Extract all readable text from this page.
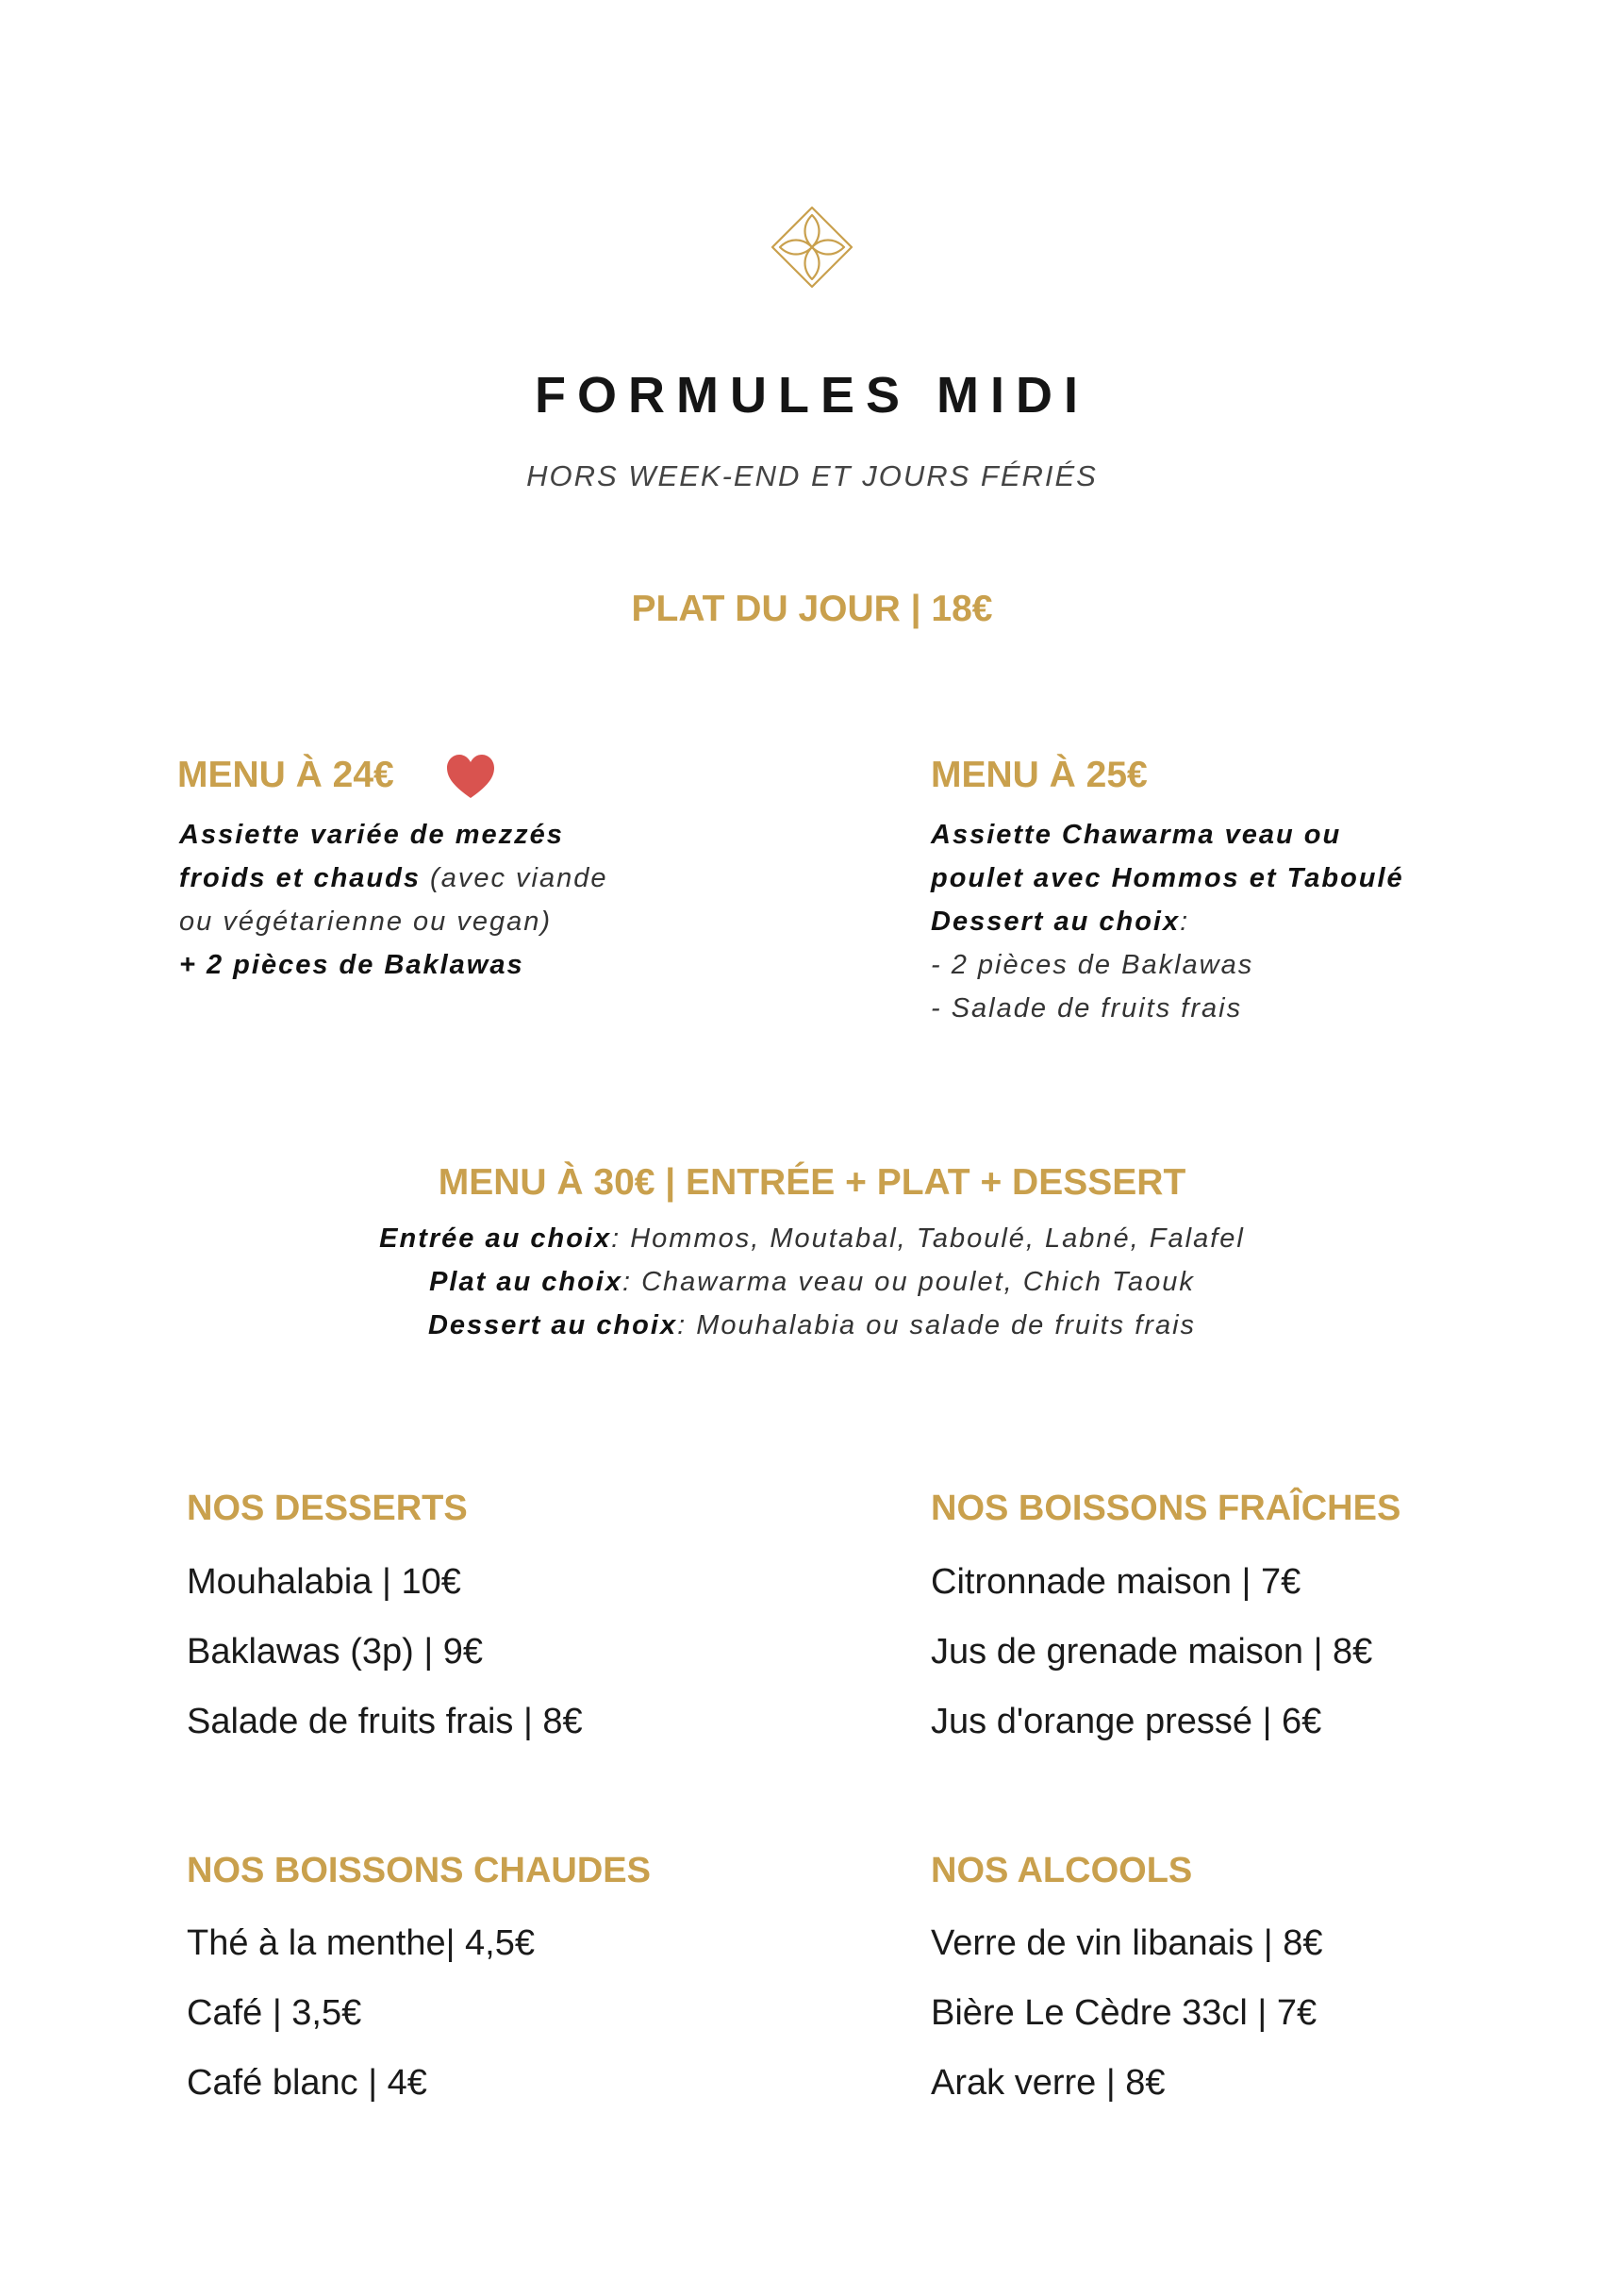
FORMULES MIDI
HORS WEEK-END ET JOURS FÉRIÉS
PLAT DU JOUR | 18€
MENU À 24€
Assiette variée de mezzés
froids et chauds (avec viande
ou végétarienne ou vegan)
+ 2 pièces de Baklawas
MENU À 25€
Assiette Chawarma veau ou
poulet avec Hommos et Taboulé
Dessert au choix:
- 2 pièces de Baklawas
- Salade de fruits frais
MENU À 30€ | ENTRÉE + PLAT + DESSERT
Entrée au choix: Hommos, Moutabal, Taboulé, Labné, Falafel
Plat au choix: Chawarma veau ou poulet, Chich Taouk
Dessert au choix: Mouhalabia ou salade de fruits frais
NOS DESSERTS
Mouhalabia | 10€
Baklawas (3p) | 9€
Salade de fruits frais | 8€
NOS BOISSONS FRAÎCHES
Citronnade maison | 7€
Jus de grenade maison | 8€
Jus d'orange pressé | 6€
NOS BOISSONS CHAUDES
Thé à la menthe| 4,5€
Café | 3,5€
Café blanc | 4€
NOS ALCOOLS
Verre de vin libanais | 8€
Bière Le Cèdre 33cl | 7€
Arak verre | 8€
